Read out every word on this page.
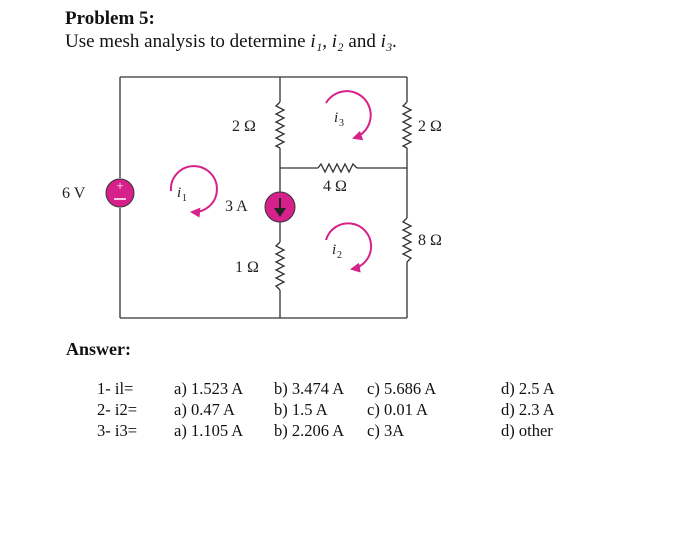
Problem 5:
Use mesh analysis to determine i₁, i₂ and i₃.
+
6 V
2 Ω	2 Ω
4 Ω
8 Ω
1 Ω
3 A
i 1
i 3
i 2
Answer:
1- il= a) 1.523 A b) 3.474 A c) 5.686 A	d) 2.5 A
2- i2= a) 0.47 A b) 1.5 A c) 0.01 A	d) 2.3 A
3- i3= a) 1.105 A b) 2.206 A c) 3A	d) other
